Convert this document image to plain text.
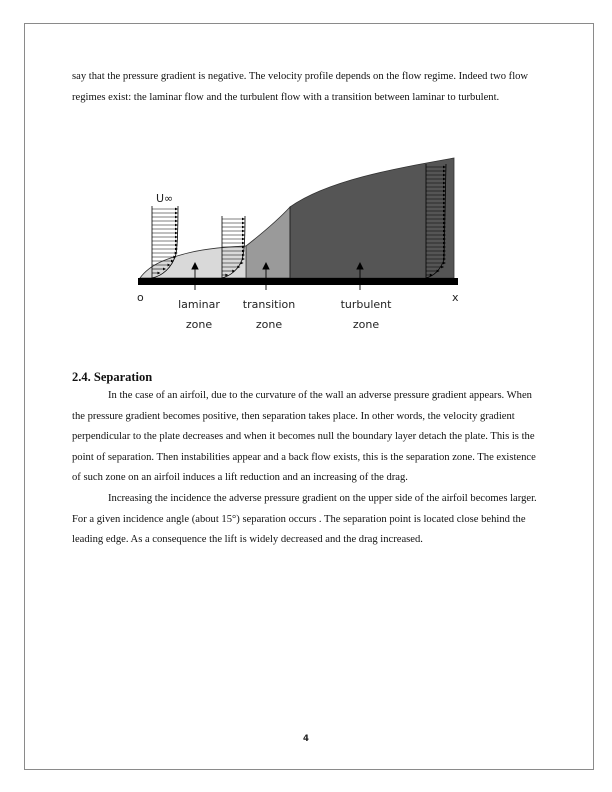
say that the pressure gradient is negative. The velocity profile depends on the flow regime. Indeed two flow regimes exist: the laminar flow and the turbulent flow with a transition between laminar to turbulent.

U∞
o	x
laminar
zone
transition
zone
turbulent
zone
2.4. Separation

In the case of an airfoil, due to the curvature of the wall an adverse pressure gradient appears. When the pressure gradient becomes positive, then separation takes place. In other words, the velocity gradient perpendicular to the plate decreases and when it becomes null the boundary layer detach the plate. This is the point of separation. Then instabilities appear and a back flow exists, this is the separation zone. The existence of such zone on an airfoil induces a lift reduction and an increasing of the drag.

Increasing the incidence the adverse pressure gradient on the upper side of the airfoil becomes larger. For a given incidence angle (about 15°) separation occurs . The separation point is located close behind the leading edge. As a consequence the lift is widely decreased and the drag increased.

4
